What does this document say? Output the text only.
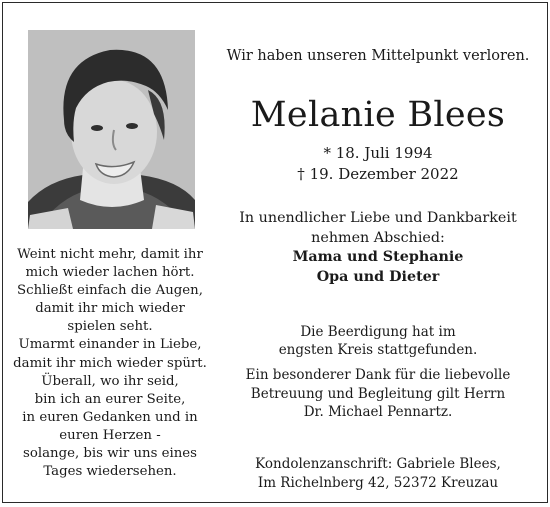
Weint nicht mehr, damit ihr
mich wieder lachen hört.
Schließt einfach die Augen,
damit ihr mich wieder
spielen seht.
Umarmt einander in Liebe,
damit ihr mich wieder spürt.
Überall, wo ihr seid,
bin ich an eurer Seite,
in euren Gedanken und in
euren Herzen -
solange, bis wir uns eines
Tages wiedersehen.
Wir haben unseren Mittelpunkt verloren.
Melanie Blees
* 18. Juli 1994
† 19. Dezember 2022
In unendlicher Liebe und Dankbarkeit
nehmen Abschied:
Mama und Stephanie
Opa und Dieter
Die Beerdigung hat im
engsten Kreis stattgefunden.
Ein besonderer Dank für die liebevolle
Betreuung und Begleitung gilt Herrn
Dr. Michael Pennartz.
Kondolenzanschrift: Gabriele Blees,
Im Richelnberg 42, 52372 Kreuzau
